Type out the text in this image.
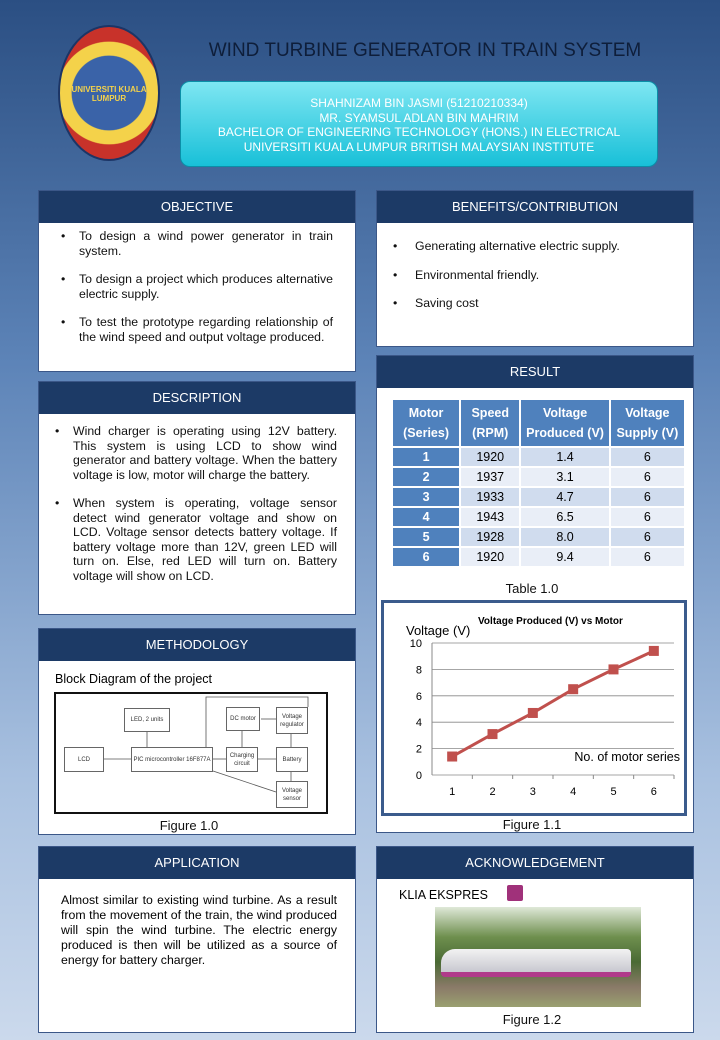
UNIVERSITI KUALA LUMPUR
WIND TURBINE GENERATOR IN TRAIN SYSTEM
SHAHNIZAM BIN JASMI (51210210334)
MR. SYAMSUL ADLAN BIN MAHRIM
BACHELOR OF ENGINEERING TECHNOLOGY (HONS.) IN ELECTRICAL
UNIVERSITI KUALA LUMPUR BRITISH MALAYSIAN INSTITUTE
OBJECTIVE
• To design a wind power generator in train system.
• To design a project which produces alternative electric supply.
• To test the prototype regarding relationship of the wind speed and output voltage produced.
DESCRIPTION
• Wind charger is operating using 12V battery. This system is using LCD to show wind generator and battery voltage. When the battery voltage is low, motor will charge the battery.
• When system is operating, voltage sensor detect wind generator voltage and show on LCD. Voltage sensor detects battery voltage. If battery voltage more than 12V, green LED will turn on. Else, red LED will turn on. Battery voltage will show on LCD.
METHODOLOGY
Block Diagram of the project
LED, 2 units
LCD	PIC microcontroller 16F877A
DC motor
Charging circuit
Voltage regulator
Battery
Voltage sensor
Figure 1.0
APPLICATION
Almost similar to existing wind turbine. As a result from the movement of the train, the wind produced will spin the wind turbine. The electric energy produced is then will be utilized as a source of energy for battery charger.
BENEFITS/CONTRIBUTION
• Generating alternative electric supply.
• Environmental friendly.
• Saving cost
RESULT
Motor (Series)	Speed (RPM)	Voltage Produced (V)	Voltage Supply (V)
1	1920	1.4	6
2	1937	3.1	6
3	1933	4.7	6
4	1943	6.5	6
5	1928	8.0	6
6	1920	9.4	6
Table 1.0
0
2
4
6
8
10
1	2	3	4	5	6
Voltage Produced (V) vs Motor
Voltage (V)
No. of motor series
Figure 1.1
ACKNOWLEDGEMENT
KLIA EKSPRES
Figure 1.2
